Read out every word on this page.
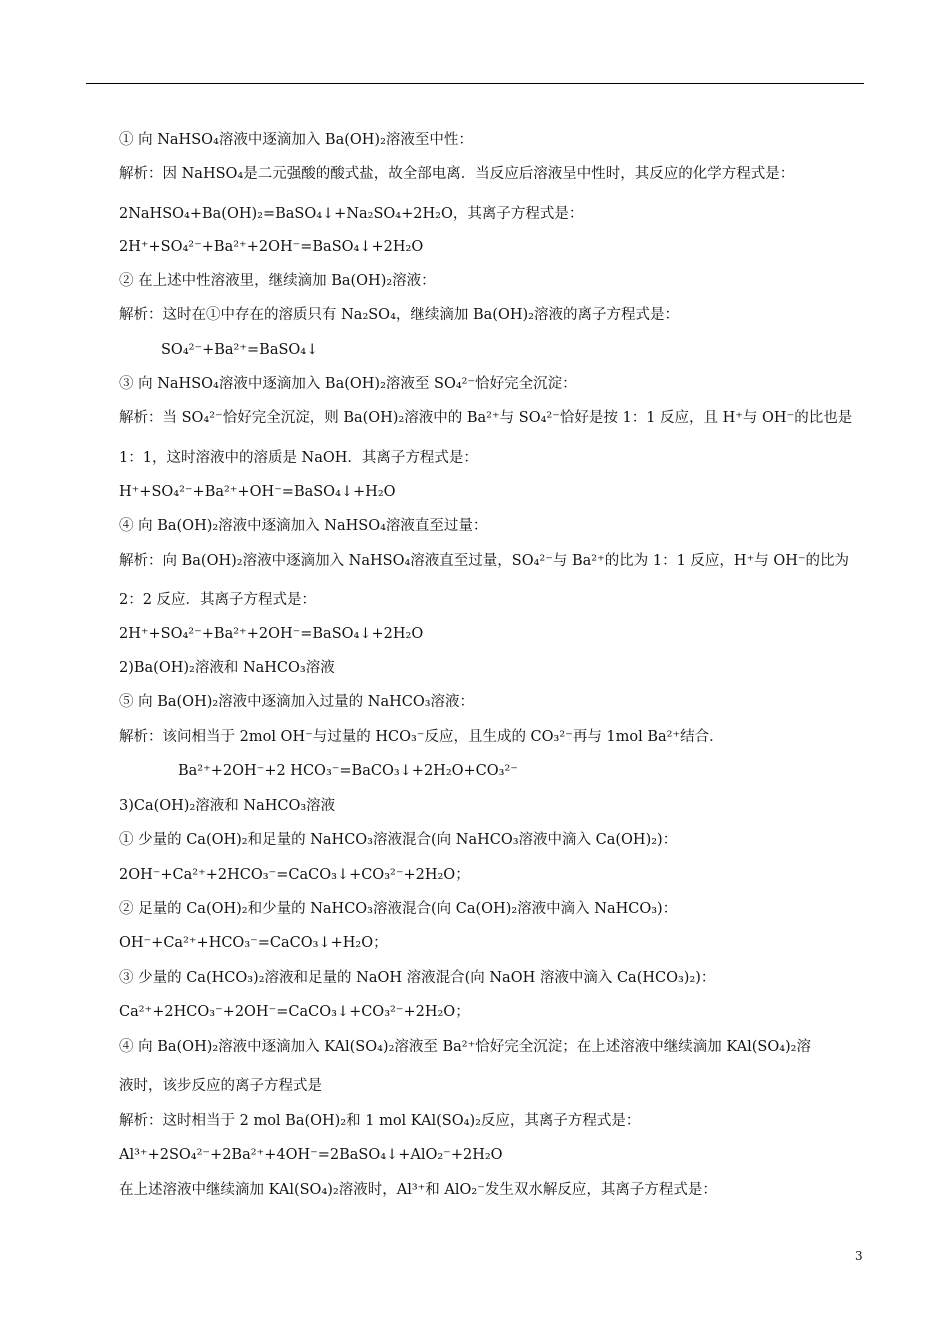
① 向 NaHSO₄溶液中逐滴加入 Ba(OH)₂溶液至中性：
解析：因 NaHSO₄是二元强酸的酸式盐，故全部电离．当反应后溶液呈中性时，其反应的化学方程式是：
2NaHSO₄+Ba(OH)₂=BaSO₄↓+Na₂SO₄+2H₂O，其离子方程式是：
2H⁺+SO₄²⁻+Ba²⁺+2OH⁻=BaSO₄↓+2H₂O
② 在上述中性溶液里，继续滴加 Ba(OH)₂溶液：
解析：这时在①中存在的溶质只有 Na₂SO₄，继续滴加 Ba(OH)₂溶液的离子方程式是：
SO₄²⁻+Ba²⁺=BaSO₄↓
③ 向 NaHSO₄溶液中逐滴加入 Ba(OH)₂溶液至 SO₄²⁻恰好完全沉淀：
解析：当 SO₄²⁻恰好完全沉淀，则 Ba(OH)₂溶液中的 Ba²⁺与 SO₄²⁻恰好是按 1：1 反应，且 H⁺与 OH⁻的比也是
1：1，这时溶液中的溶质是 NaOH．其离子方程式是：
H⁺+SO₄²⁻+Ba²⁺+OH⁻=BaSO₄↓+H₂O
④ 向 Ba(OH)₂溶液中逐滴加入 NaHSO₄溶液直至过量：
解析：向 Ba(OH)₂溶液中逐滴加入 NaHSO₄溶液直至过量，SO₄²⁻与 Ba²⁺的比为 1：1 反应，H⁺与 OH⁻的比为
2：2 反应．其离子方程式是：
2H⁺+SO₄²⁻+Ba²⁺+2OH⁻=BaSO₄↓+2H₂O
2)Ba(OH)₂溶液和 NaHCO₃溶液
⑤ 向 Ba(OH)₂溶液中逐滴加入过量的 NaHCO₃溶液：
解析：该问相当于 2mol OH⁻与过量的 HCO₃⁻反应，且生成的 CO₃²⁻再与 1mol Ba²⁺结合．
Ba²⁺+2OH⁻+2 HCO₃⁻=BaCO₃↓+2H₂O+CO₃²⁻
3)Ca(OH)₂溶液和 NaHCO₃溶液
① 少量的 Ca(OH)₂和足量的 NaHCO₃溶液混合(向 NaHCO₃溶液中滴入 Ca(OH)₂)：
2OH⁻+Ca²⁺+2HCO₃⁻=CaCO₃↓+CO₃²⁻+2H₂O；
② 足量的 Ca(OH)₂和少量的 NaHCO₃溶液混合(向 Ca(OH)₂溶液中滴入 NaHCO₃)：
OH⁻+Ca²⁺+HCO₃⁻=CaCO₃↓+H₂O；
③ 少量的 Ca(HCO₃)₂溶液和足量的 NaOH 溶液混合(向 NaOH 溶液中滴入 Ca(HCO₃)₂)：
Ca²⁺+2HCO₃⁻+2OH⁻=CaCO₃↓+CO₃²⁻+2H₂O；
④ 向 Ba(OH)₂溶液中逐滴加入 KAl(SO₄)₂溶液至 Ba²⁺恰好完全沉淀；在上述溶液中继续滴加 KAl(SO₄)₂溶
液时，该步反应的离子方程式是
解析：这时相当于 2 mol Ba(OH)₂和 1 mol KAl(SO₄)₂反应，其离子方程式是：
Al³⁺+2SO₄²⁻+2Ba²⁺+4OH⁻=2BaSO₄↓+AlO₂⁻+2H₂O
在上述溶液中继续滴加 KAl(SO₄)₂溶液时，Al³⁺和 AlO₂⁻发生双水解反应，其离子方程式是：
3
